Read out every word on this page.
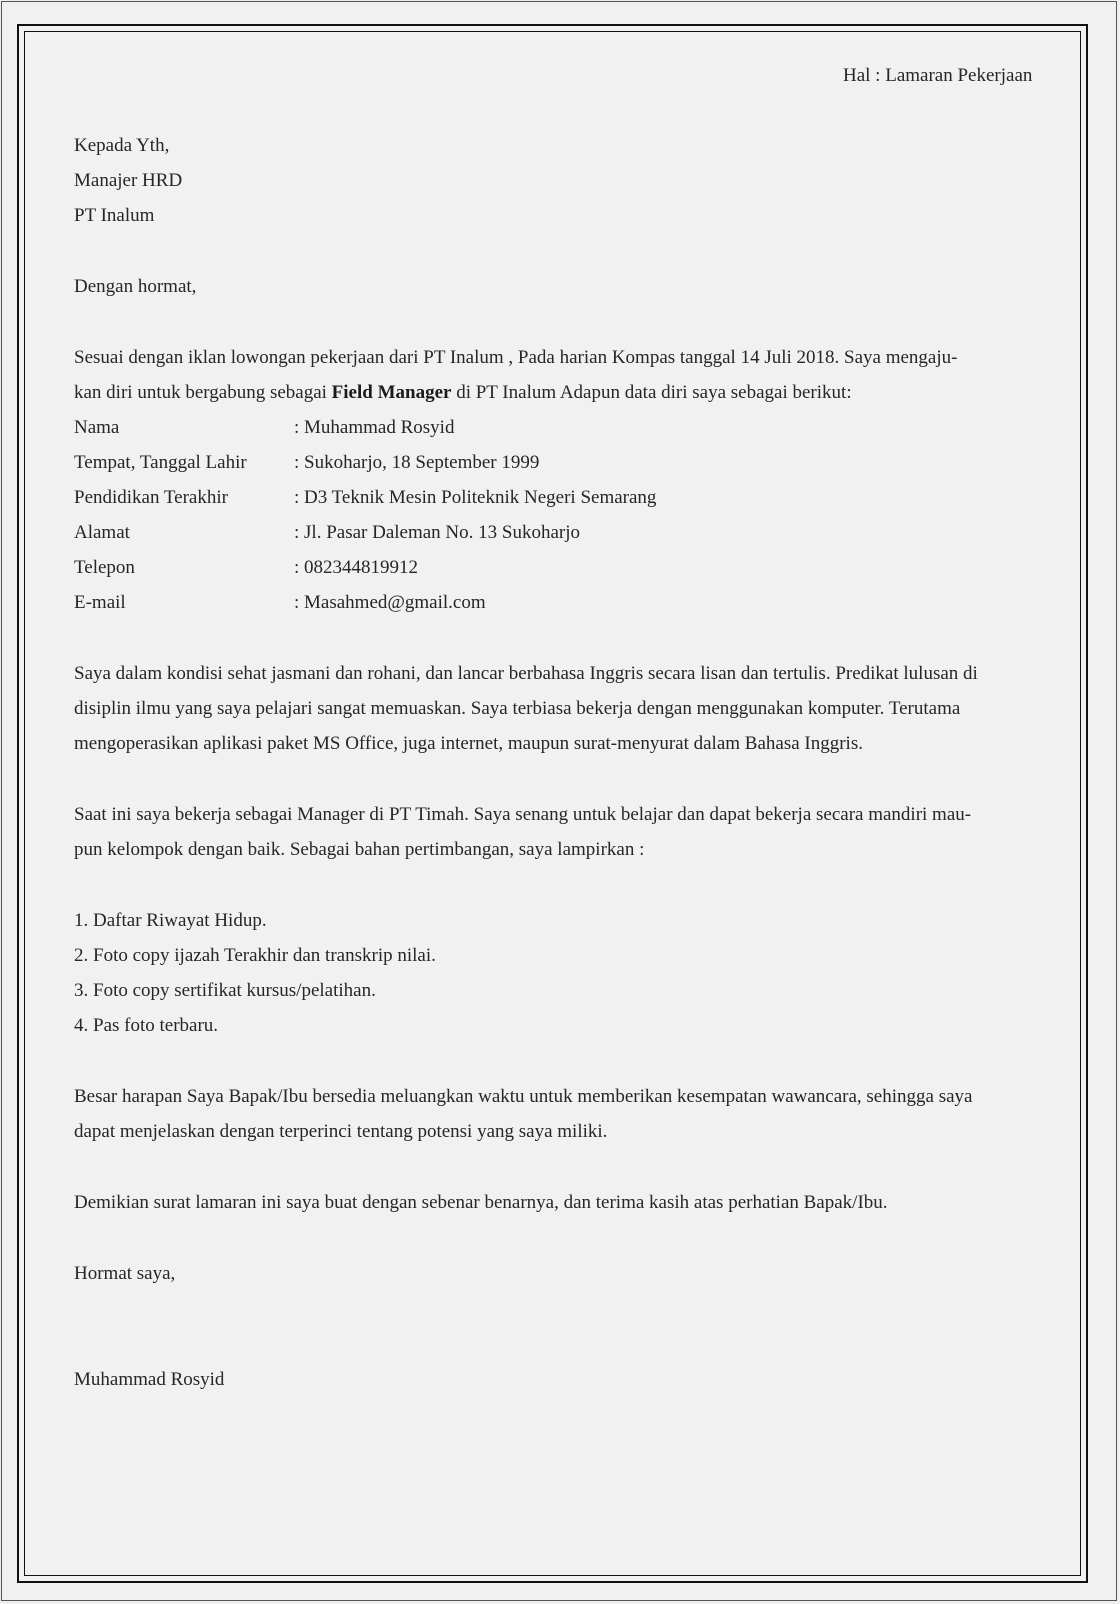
Hal : Lamaran Pekerjaan
Kepada Yth,
Manajer HRD
PT Inalum
Dengan hormat,
Sesuai dengan iklan lowongan pekerjaan dari PT Inalum , Pada harian Kompas tanggal 14 Juli 2018. Saya mengaju-
kan diri untuk bergabung sebagai Field Manager di PT Inalum Adapun data diri saya sebagai berikut:
Nama	: Muhammad Rosyid
Tempat, Tanggal Lahir : Sukoharjo, 18 September 1999
Pendidikan Terakhir	: D3 Teknik Mesin Politeknik Negeri Semarang
Alamat	: Jl. Pasar Daleman No. 13 Sukoharjo
Telepon	: 082344819912
E-mail	: Masahmed@gmail.com
Saya dalam kondisi sehat jasmani dan rohani, dan lancar berbahasa Inggris secara lisan dan tertulis. Predikat lulusan di
disiplin ilmu yang saya pelajari sangat memuaskan. Saya terbiasa bekerja dengan menggunakan komputer. Terutama
mengoperasikan aplikasi paket MS Office, juga internet, maupun surat-menyurat dalam Bahasa Inggris.
Saat ini saya bekerja sebagai Manager di PT Timah. Saya senang untuk belajar dan dapat bekerja secara mandiri mau-
pun kelompok dengan baik. Sebagai bahan pertimbangan, saya lampirkan :
1. Daftar Riwayat Hidup.
2. Foto copy ijazah Terakhir dan transkrip nilai.
3. Foto copy sertifikat kursus/pelatihan.
4. Pas foto terbaru.
Besar harapan Saya Bapak/Ibu bersedia meluangkan waktu untuk memberikan kesempatan wawancara, sehingga saya
dapat menjelaskan dengan terperinci tentang potensi yang saya miliki.
Demikian surat lamaran ini saya buat dengan sebenar benarnya, dan terima kasih atas perhatian Bapak/Ibu.
Hormat saya,
Muhammad Rosyid
